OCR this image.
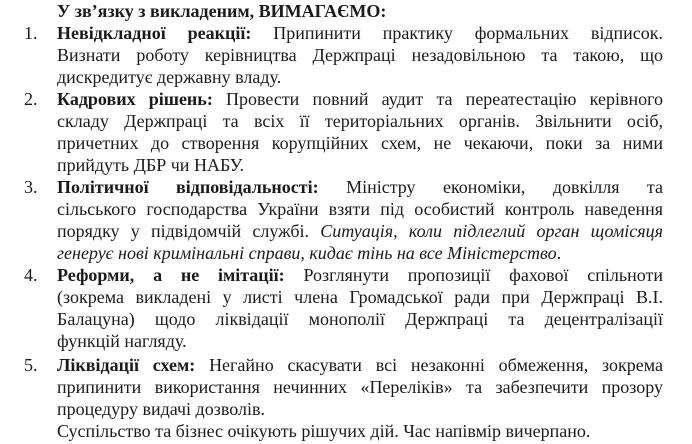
У зв’язку з викладеним, ВИМАГАЄМО:
1. Невідкладної реакції: Припинити практику формальних відписок.
Визнати роботу керівництва Держпраці незадовільною та такою, що
дискредитує державну владу.
2. Кадрових рішень: Провести повний аудит та переатестацію керівного
складу Держпраці та всіх її територіальних органів. Звільнити осіб,
причетних до створення корупційних схем, не чекаючи, поки за ними
прийдуть ДБР чи НАБУ.
3. Політичної відповідальності: Міністру економіки, довкілля та
сільського господарства України взяти під особистий контроль наведення
порядку у підвідомчій службі. Ситуація, коли підлеглий орган щомісяця
генерує нові кримінальні справи, кидає тінь на все Міністерство.
4. Реформи, а не імітації: Розглянути пропозиції фахової спільноти
(зокрема викладені у листі члена Громадської ради при Держпраці В.І.
Балацуна) щодо ліквідації монополії Держпраці та децентралізації
функцій нагляду.
5. Ліквідації схем: Негайно скасувати всі незаконні обмеження, зокрема
припинити використання нечинних «Переліків» та забезпечити прозору
процедуру видачі дозволів.
Суспільство та бізнес очікують рішучих дій. Час напівмір вичерпано.
